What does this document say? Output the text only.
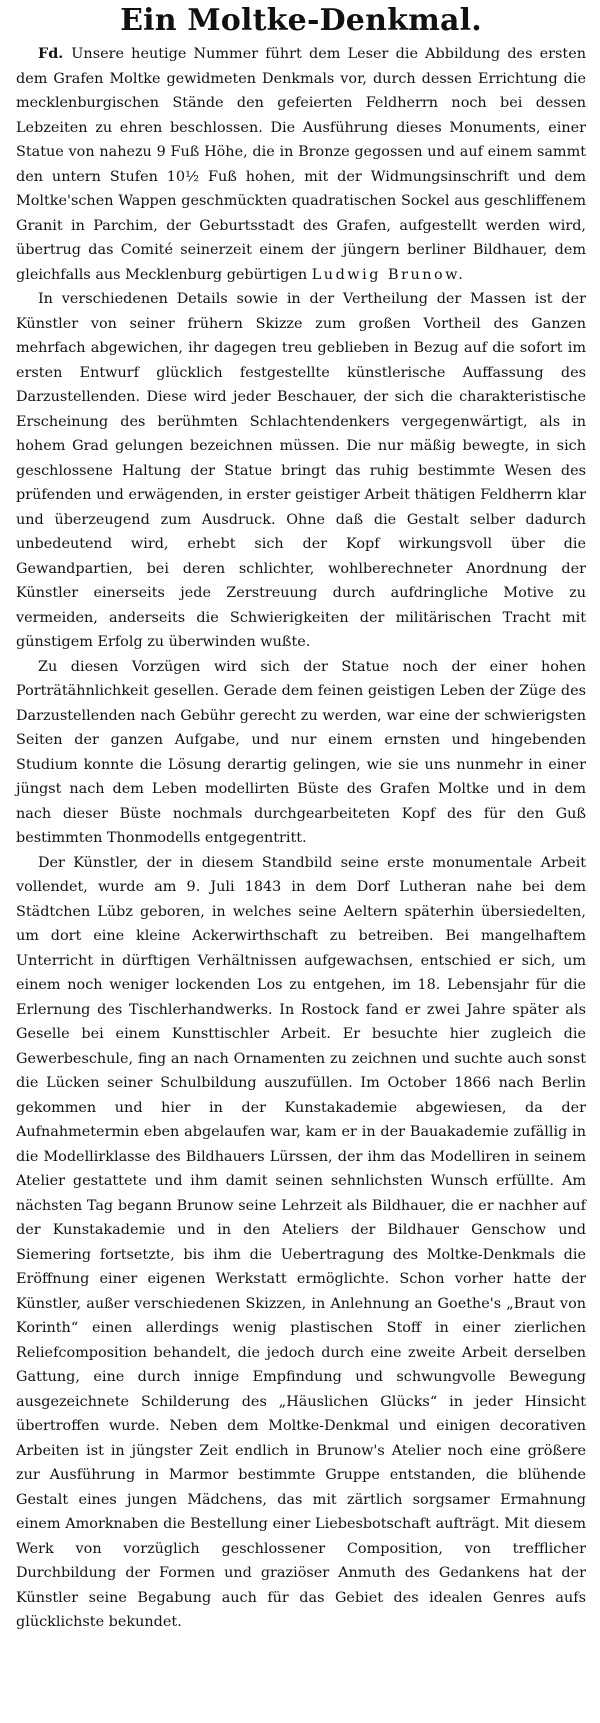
Ein Moltke-Denkmal.

Fd. Unsere heutige Nummer führt dem Leser die Abbildung des ersten dem Grafen Moltke gewidmeten Denkmals vor, durch dessen Errichtung die mecklenburgischen Stände den gefeierten Feldherrn noch bei dessen Lebzeiten zu ehren beschlossen. Die Ausführung dieses Monuments, einer Statue von nahezu 9 Fuß Höhe, die in Bronze gegossen und auf einem sammt den untern Stufen 10½ Fuß hohen, mit der Widmungsinschrift und dem Moltke'schen Wappen geschmückten quadratischen Sockel aus geschliffenem Granit in Parchim, der Geburtsstadt des Grafen, aufgestellt werden wird, übertrug das Comité seinerzeit einem der jüngern berliner Bildhauer, dem gleichfalls aus Mecklenburg gebürtigen Ludwig Brunow.

In verschiedenen Details sowie in der Vertheilung der Massen ist der Künstler von seiner frühern Skizze zum großen Vortheil des Ganzen mehrfach abgewichen, ihr dagegen treu geblieben in Bezug auf die sofort im ersten Entwurf glücklich festgestellte künstlerische Auffassung des Darzustellenden. Diese wird jeder Beschauer, der sich die charakteristische Erscheinung des berühmten Schlachtendenkers vergegenwärtigt, als in hohem Grad gelungen bezeichnen müssen. Die nur mäßig bewegte, in sich geschlossene Haltung der Statue bringt das ruhig bestimmte Wesen des prüfenden und erwägenden, in erster geistiger Arbeit thätigen Feldherrn klar und überzeugend zum Ausdruck. Ohne daß die Gestalt selber dadurch unbedeutend wird, erhebt sich der Kopf wirkungsvoll über die Gewandpartien, bei deren schlichter, wohlberechneter Anordnung der Künstler einerseits jede Zerstreuung durch aufdringliche Motive zu vermeiden, anderseits die Schwierigkeiten der militärischen Tracht mit günstigem Erfolg zu überwinden wußte.

Zu diesen Vorzügen wird sich der Statue noch der einer hohen Porträtähnlichkeit gesellen. Gerade dem feinen geistigen Leben der Züge des Darzustellenden nach Gebühr gerecht zu werden, war eine der schwierigsten Seiten der ganzen Aufgabe, und nur einem ernsten und hingebenden Studium konnte die Lösung derartig gelingen, wie sie uns nunmehr in einer jüngst nach dem Leben modellirten Büste des Grafen Moltke und in dem nach dieser Büste nochmals durchgearbeiteten Kopf des für den Guß bestimmten Thonmodells entgegentritt.

Der Künstler, der in diesem Standbild seine erste monumentale Arbeit vollendet, wurde am 9. Juli 1843 in dem Dorf Lutheran nahe bei dem Städtchen Lübz geboren, in welches seine Aeltern späterhin übersiedelten, um dort eine kleine Ackerwirthschaft zu betreiben. Bei mangelhaftem Unterricht in dürftigen Verhältnissen aufgewachsen, entschied er sich, um einem noch weniger lockenden Los zu entgehen, im 18. Lebensjahr für die Erlernung des Tischlerhandwerks. In Rostock fand er zwei Jahre später als Geselle bei einem Kunsttischler Arbeit. Er besuchte hier zugleich die Gewerbeschule, fing an nach Ornamenten zu zeichnen und suchte auch sonst die Lücken seiner Schulbildung auszufüllen. Im October 1866 nach Berlin gekommen und hier in der Kunstakademie abgewiesen, da der Aufnahmetermin eben abgelaufen war, kam er in der Bauakademie zufällig in die Modellirklasse des Bildhauers Lürssen, der ihm das Modelliren in seinem Atelier gestattete und ihm damit seinen sehnlichsten Wunsch erfüllte. Am nächsten Tag begann Brunow seine Lehrzeit als Bildhauer, die er nachher auf der Kunstakademie und in den Ateliers der Bildhauer Genschow und Siemering fortsetzte, bis ihm die Uebertragung des Moltke-Denkmals die Eröffnung einer eigenen Werkstatt ermöglichte. Schon vorher hatte der Künstler, außer verschiedenen Skizzen, in Anlehnung an Goethe's „Braut von Korinth“ einen allerdings wenig plastischen Stoff in einer zierlichen Reliefcomposition behandelt, die jedoch durch eine zweite Arbeit derselben Gattung, eine durch innige Empfindung und schwungvolle Bewegung ausgezeichnete Schilderung des „Häuslichen Glücks“ in jeder Hinsicht übertroffen wurde. Neben dem Moltke-Denkmal und einigen decorativen Arbeiten ist in jüngster Zeit endlich in Brunow's Atelier noch eine größere zur Ausführung in Marmor bestimmte Gruppe entstanden, die blühende Gestalt eines jungen Mädchens, das mit zärtlich sorgsamer Ermahnung einem Amorknaben die Bestellung einer Liebesbotschaft aufträgt. Mit diesem Werk von vorzüglich geschlossener Composition, von trefflicher Durchbildung der Formen und graziöser Anmuth des Gedankens hat der Künstler seine Begabung auch für das Gebiet des idealen Genres aufs glücklichste bekundet.
